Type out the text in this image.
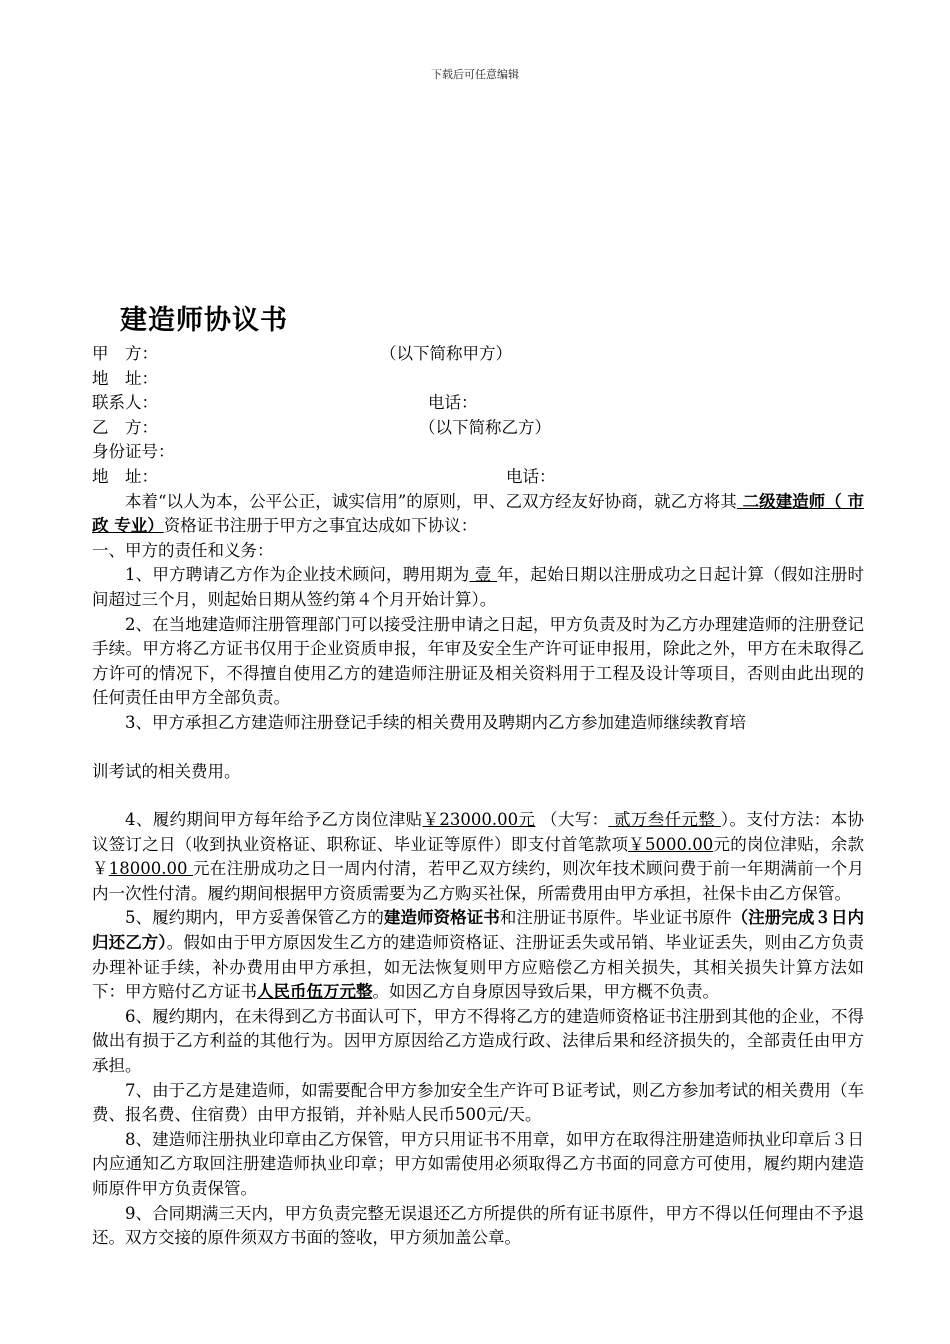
下载后可任意编辑
建造师协议书
甲　方：	（以下简称甲方）
地　址：
联系人：	电话：
乙　方：	（以下简称乙方）
身份证号：
地　址：	电话：

本着“以人为本，公平公正，诚实信用”的原则，甲、乙双方经友好协商，就乙方将其 二级建造师（ 市政 专业）资格证书注册于甲方之事宜达成如下协议：

一、甲方的责任和义务：

1、甲方聘请乙方作为企业技术顾问，聘用期为 壹 年，起始日期以注册成功之日起计算（假如注册时间超过三个月，则起始日期从签约第４个月开始计算）。

2、在当地建造师注册管理部门可以接受注册申请之日起，甲方负责及时为乙方办理建造师的注册登记手续。甲方将乙方证书仅用于企业资质申报，年审及安全生产许可证申报用，除此之外，甲方在未取得乙方许可的情况下，不得擅自使用乙方的建造师注册证及相关资料用于工程及设计等项目，否则由此出现的任何责任由甲方全部负责。

3、甲方承担乙方建造师注册登记手续的相关费用及聘期内乙方参加建造师继续教育培

训考试的相关费用。

4、履约期间甲方每年给予乙方岗位津贴￥23000.00元 （大写： 贰万叁仟元整 ）。支付方法：本协议签订之日（收到执业资格证、职称证、毕业证等原件）即支付首笔款项￥5000.00元的岗位津贴，余款 ￥18000.00 元在注册成功之日一周内付清，若甲乙双方续约，则次年技术顾问费于前一年期满前一个月内一次性付清。履约期间根据甲方资质需要为乙方购买社保，所需费用由甲方承担，社保卡由乙方保管。

5、履约期内，甲方妥善保管乙方的建造师资格证书和注册证书原件。毕业证书原件（注册完成３日内归还乙方）。假如由于甲方原因发生乙方的建造师资格证、注册证丢失或吊销、毕业证丢失，则由乙方负责办理补证手续，补办费用由甲方承担，如无法恢复则甲方应赔偿乙方相关损失，其相关损失计算方法如下：甲方赔付乙方证书人民币伍万元整。如因乙方自身原因导致后果，甲方概不负责。

6、履约期内，在未得到乙方书面认可下，甲方不得将乙方的建造师资格证书注册到其他的企业，不得做出有损于乙方利益的其他行为。因甲方原因给乙方造成行政、法律后果和经济损失的，全部责任由甲方承担。

7、由于乙方是建造师，如需要配合甲方参加安全生产许可Ｂ证考试，则乙方参加考试的相关费用（车费、报名费、住宿费）由甲方报销，并补贴人民币500元/天。

8、建造师注册执业印章由乙方保管，甲方只用证书不用章，如甲方在取得注册建造师执业印章后３日内应通知乙方取回注册建造师执业印章；甲方如需使用必须取得乙方书面的同意方可使用，履约期内建造师原件甲方负责保管。

9、合同期满三天内，甲方负责完整无误退还乙方所提供的所有证书原件，甲方不得以任何理由不予退还。双方交接的原件须双方书面的签收，甲方须加盖公章。
